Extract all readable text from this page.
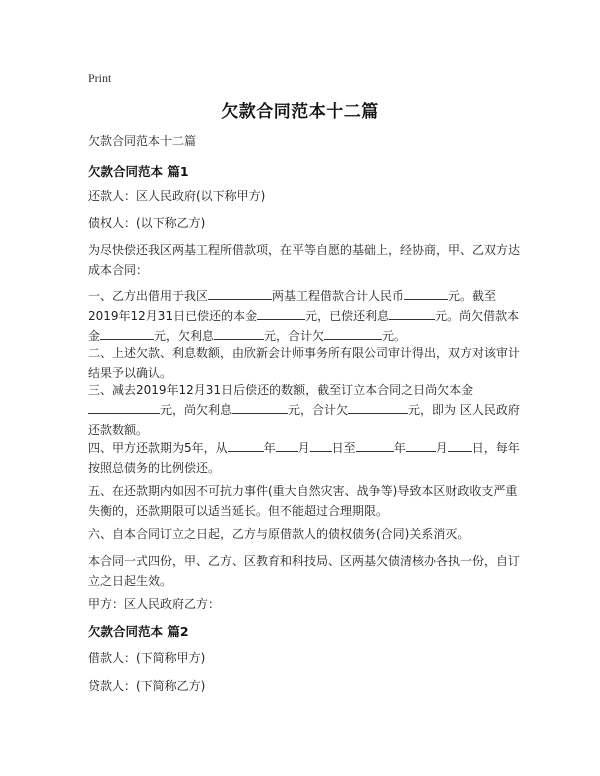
Print
欠款合同范本十二篇

欠款合同范本十二篇

欠款合同范本 篇1

还款人：区人民政府(以下称甲方)

债权人：(以下称乙方)

为尽快偿还我区两基工程所借款项，在平等自愿的基础上，经协商，甲、乙双方达成本合同：

一、乙方出借用于我区	两基工程借款合计人民币	元。截至2019年12月31日已偿还的本金	元，已偿还利息	元。尚欠借款本金	元，欠利息	元，合计欠	元。

二、上述欠款、利息数额，由欣新会计师事务所有限公司审计得出，双方对该审计结果予以确认。

三、减去2019年12月31日后偿还的数额，截至订立本合同之日尚欠本金元，尚欠利息	元，合计欠	元，即为 区人民政府还款数额。

四、甲方还款期为5年，从	年 月 日至	年	月 日，每年按照总债务的比例偿还。

五、在还款期内如因不可抗力事件(重大自然灾害、战争等)导致本区财政收支严重失衡的，还款期限可以适当延长。但不能超过合理期限。

六、自本合同订立之日起，乙方与原借款人的债权债务(合同)关系消灭。

本合同一式四份，甲、乙方、区教育和科技局、区两基欠债清核办各执一份，自订立之日起生效。

甲方：区人民政府乙方：

欠款合同范本 篇2

借款人：(下简称甲方)

贷款人：(下简称乙方)
